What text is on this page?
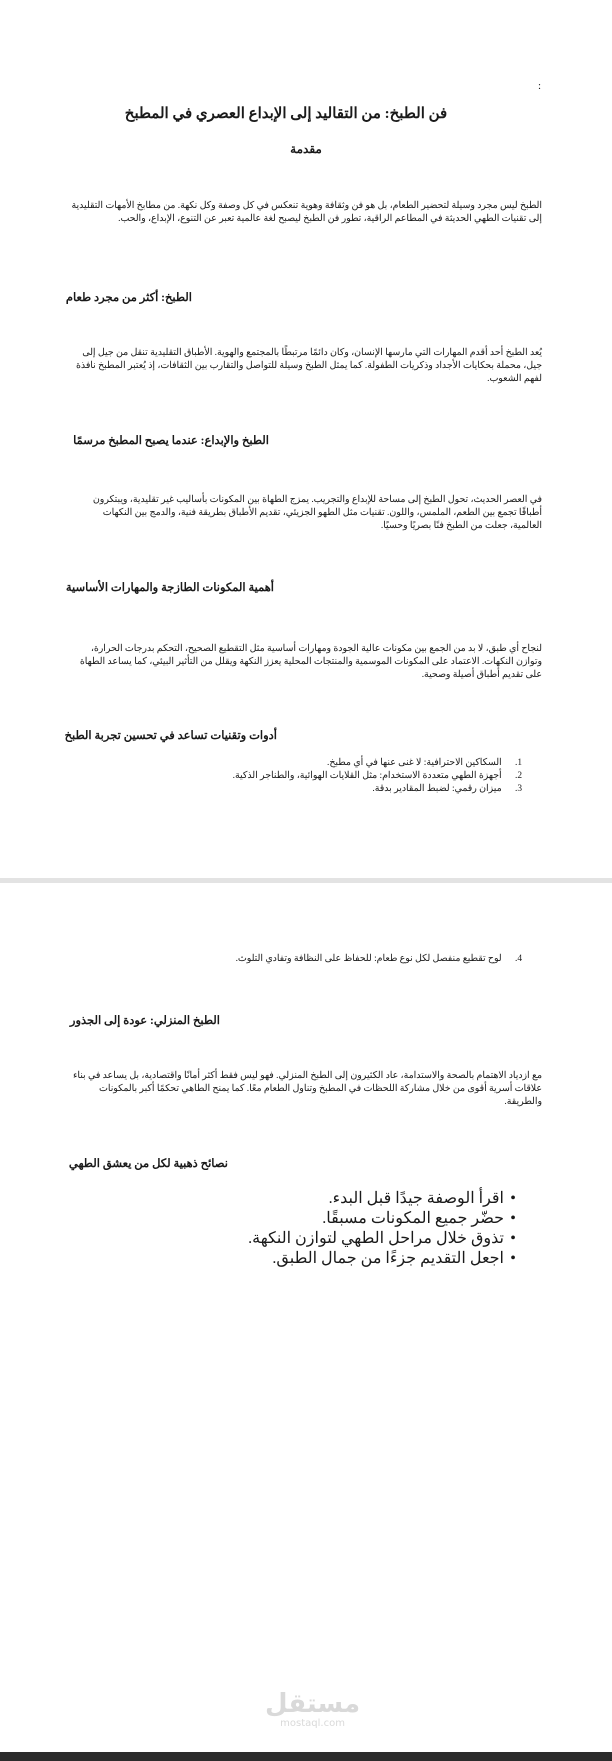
:
فن الطبخ: من التقاليد إلى الإبداع العصري في المطبخ
مقدمة
الطبخ ليس مجرد وسيلة لتحضير الطعام، بل هو فن وثقافة وهوية تنعكس في كل وصفة وكل نكهة. من مطابخ الأمهات التقليدية إلى تقنيات الطهي الحديثة في المطاعم الراقية، تطور فن الطبخ ليصبح لغة عالمية تعبر عن التنوع، الإبداع، والحب.
الطبخ: أكثر من مجرد طعام
يُعد الطبخ أحد أقدم المهارات التي مارسها الإنسان، وكان دائمًا مرتبطًا بالمجتمع والهوية. الأطباق التقليدية تنقل من جيل إلى جيل، محملة بحكايات الأجداد وذكريات الطفولة. كما يمثل الطبخ وسيلة للتواصل والتقارب بين الثقافات، إذ يُعتبر المطبخ نافذة لفهم الشعوب.
الطبخ والإبداع: عندما يصبح المطبخ مرسمًا
في العصر الحديث، تحول الطبخ إلى مساحة للإبداع والتجريب. يمزج الطهاة بين المكونات بأساليب غير تقليدية، ويبتكرون أطباقًا تجمع بين الطعم، الملمس، واللون. تقنيات مثل الطهو الجزيئي، تقديم الأطباق بطريقة فنية، والدمج بين النكهات العالمية، جعلت من الطبخ فنًا بصريًا وحسيًا.
أهمية المكونات الطازجة والمهارات الأساسية
لنجاح أي طبق، لا بد من الجمع بين مكونات عالية الجودة ومهارات أساسية مثل التقطيع الصحيح، التحكم بدرجات الحرارة، وتوازن النكهات. الاعتماد على المكونات الموسمية والمنتجات المحلية يعزز النكهة ويقلل من التأثير البيئي، كما يساعد الطهاة على تقديم أطباق أصيلة وصحية.
أدوات وتقنيات تساعد في تحسين تجربة الطبخ
1. السكاكين الاحترافية: لا غنى عنها في أي مطبخ.
2. أجهزة الطهي متعددة الاستخدام: مثل القلايات الهوائية، والطناجر الذكية.
3. ميزان رقمي: لضبط المقادير بدقة.
4. لوح تقطيع منفصل لكل نوع طعام: للحفاظ على النظافة وتفادي التلوث.
الطبخ المنزلي: عودة إلى الجذور
مع ازدياد الاهتمام بالصحة والاستدامة، عاد الكثيرون إلى الطبخ المنزلي. فهو ليس فقط أكثر أمانًا واقتصادية، بل يساعد في بناء علاقات أسرية أقوى من خلال مشاركة اللحظات في المطبخ وتناول الطعام معًا. كما يمنح الطاهي تحكمًا أكبر بالمكونات والطريقة.
نصائح ذهبية لكل من يعشق الطهي
• اقرأ الوصفة جيدًا قبل البدء.
• حضّر جميع المكونات مسبقًا.
• تذوق خلال مراحل الطهي لتوازن النكهة.
• اجعل التقديم جزءًا من جمال الطبق.
مستقل
mostaql.com
